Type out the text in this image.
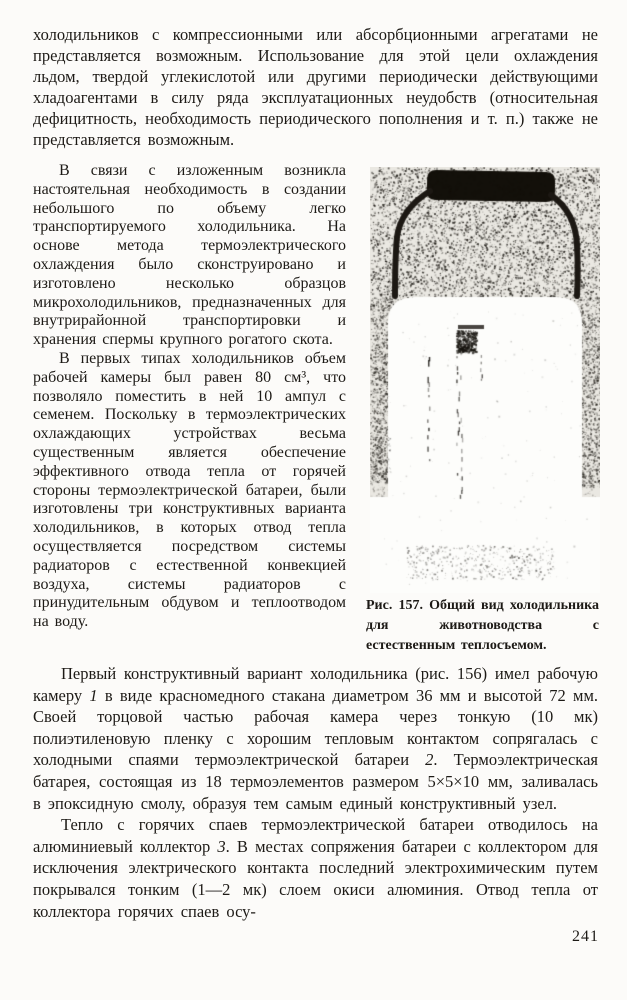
холодильников с компрессионными или абсорбционными агрегатами не представляется возможным. Использование для этой цели охлаждения льдом, твердой углекислотой или другими периодически действующими хладоагентами в силу ряда эксплуатационных неудобств (относительная дефицитность, необходимость периодического пополнения и т. п.) также не представляется возможным.

В связи с изложенным возникла настоятельная необходимость в создании небольшого по объему легко транспортируемого холодильника. На основе метода термоэлектрического охлаждения было сконструировано и изготовлено несколько образцов микрохолодильников, предназначенных для внутрирайонной транспортировки и хранения спермы крупного рогатого скота.

В первых типах холодильников объем рабочей камеры был равен 80 см³, что позволяло поместить в ней 10 ампул с семенем. Поскольку в термоэлектрических охлаждающих устройствах весьма существенным является обеспечение эффективного отвода тепла от горячей стороны термоэлектрической батареи, были изготовлены три конструктивных варианта холодильников, в которых отвод тепла осуществляется посредством системы радиаторов с естественной конвекцией воздуха, системы радиаторов с принудительным обдувом и теплоотводом на воду.

Рис. 157. Общий вид холодильника для животноводства с естественным теплосъемом.

Первый конструктивный вариант холодильника (рис. 156) имел рабочую камеру 1 в виде красномедного стакана диаметром 36 мм и высотой 72 мм. Своей торцовой частью рабочая камера через тонкую (10 мк) полиэтиленовую пленку с хорошим тепловым контактом сопрягалась с холодными спаями термоэлектрической батареи 2. Термоэлектрическая батарея, состоящая из 18 термоэлементов размером 5×5×10 мм, заливалась в эпоксидную смолу, образуя тем самым единый конструктивный узел.

Тепло с горячих спаев термоэлектрической батареи отводилось на алюминиевый коллектор 3. В местах сопряжения батареи с коллектором для исключения электрического контакта последний электрохимическим путем покрывался тонким (1—2 мк) слоем окиси алюминия. Отвод тепла от коллектора горячих спаев осу-

241
